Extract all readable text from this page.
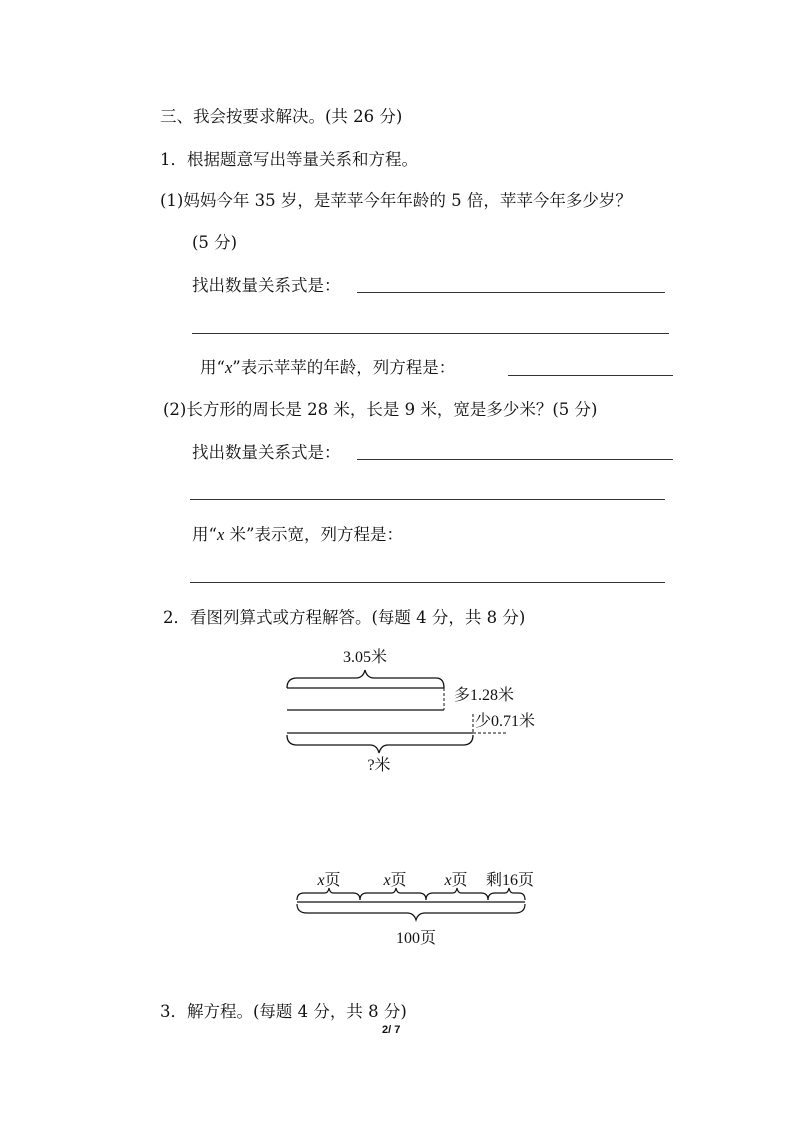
三、我会按要求解决。(共 26 分)
1．根据题意写出等量关系和方程。
(1)妈妈今年 35 岁，是苹苹今年年龄的 5 倍，苹苹今年多少岁？
(5 分)
找出数量关系式是：
用“x”表示苹苹的年龄，列方程是：
(2)长方形的周长是 28 米，长是 9 米，宽是多少米？(5 分)
找出数量关系式是：
用“x 米”表示宽，列方程是：
2．看图列算式或方程解答。(每题 4 分，共 8 分)
3.05米
多1.28米
少0.71米
?米
x页	x页 x页 剩16页
100页
3．解方程。(每题 4 分，共 8 分)
2/ 7
